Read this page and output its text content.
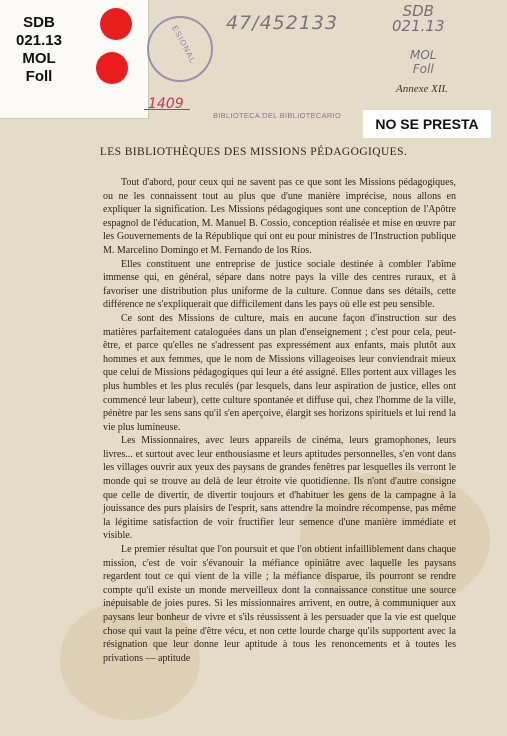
SDB
021.13
MOL
Foll
ESIONAL
47/452133
SDB
021.13
MOL
Foll
1409
Annexe XII.
BIBLIOTECA DEL BIBLIOTECARIO
NO SE PRESTA
LES BIBLIOTHÈQUES DES MISSIONS PÉDAGOGIQUES.

Tout d'abord, pour ceux qui ne savent pas ce que sont les Missions pédagogiques, ou ne les connaissent tout au plus que d'une manière imprécise, nous allons en expliquer la signification. Les Missions pédagogiques sont une conception de l'Apôtre espagnol de l'éducation, M. Manuel B. Cossio, conception réalisée et mise en œuvre par les Gouvernements de la République qui ont eu pour ministres de l'Instruction publique M. Marcelino Domingo et M. Fernando de los Ríos.

Elles constituent une entreprise de justice sociale destinée à combler l'abîme immense qui, en général, sépare dans notre pays la ville des centres ruraux, et à favoriser une distribution plus uniforme de la culture. Connue dans ses détails, cette différence ne s'expliquerait que difficilement dans les pays où elle est peu sensible.

Ce sont des Missions de culture, mais en aucune façon d'instruction sur des matières parfaitement cataloguées dans un plan d'enseignement ; c'est pour cela, peut-être, et parce qu'elles ne s'adressent pas expressément aux enfants, mais plutôt aux hommes et aux femmes, que le nom de Missions villageoises leur conviendrait mieux que celui de Missions pédagogiques qui leur a été assigné. Elles portent aux villages les plus humbles et les plus reculés (par lesquels, dans leur aspiration de justice, elles ont commencé leur labeur), cette culture spontanée et diffuse qui, chez l'homme de la ville, pénètre par les sens sans qu'il s'en aperçoive, élargit ses horizons spirituels et lui rend la vie plus lumineuse.

Les Missionnaires, avec leurs appareils de cinéma, leurs gramophones, leurs livres... et surtout avec leur enthousiasme et leurs aptitudes personnelles, s'en vont dans les villages ouvrir aux yeux des paysans de grandes fenêtres par lesquelles ils verront le monde qui se trouve au delà de leur étroite vie quotidienne. Ils n'ont d'autre consigne que celle de divertir, de divertir toujours et d'habituer les gens de la campagne à la jouissance des purs plaisirs de l'esprit, sans attendre la moindre récompense, pas même la légitime satisfaction de voir fructifier leur semence d'une manière immédiate et visible.

Le premier résultat que l'on poursuit et que l'on obtient infailliblement dans chaque mission, c'est de voir s'évanouir la méfiance opiniâtre avec laquelle les paysans regardent tout ce qui vient de la ville ; la méfiance disparue, ils pourront se rendre compte qu'il existe un monde merveilleux dont la connaissance constitue une source inépuisable de joies pures. Si les missionnaires arrivent, en outre, à communiquer aux paysans leur bonheur de vivre et s'ils réussissent à les persuader que la vie est quelque chose qui vaut la peine d'être vécu, et non cette lourde charge qu'ils supportent avec la résignation que leur donne leur aptitude à tous les renoncements et à toutes les privations — aptitude
